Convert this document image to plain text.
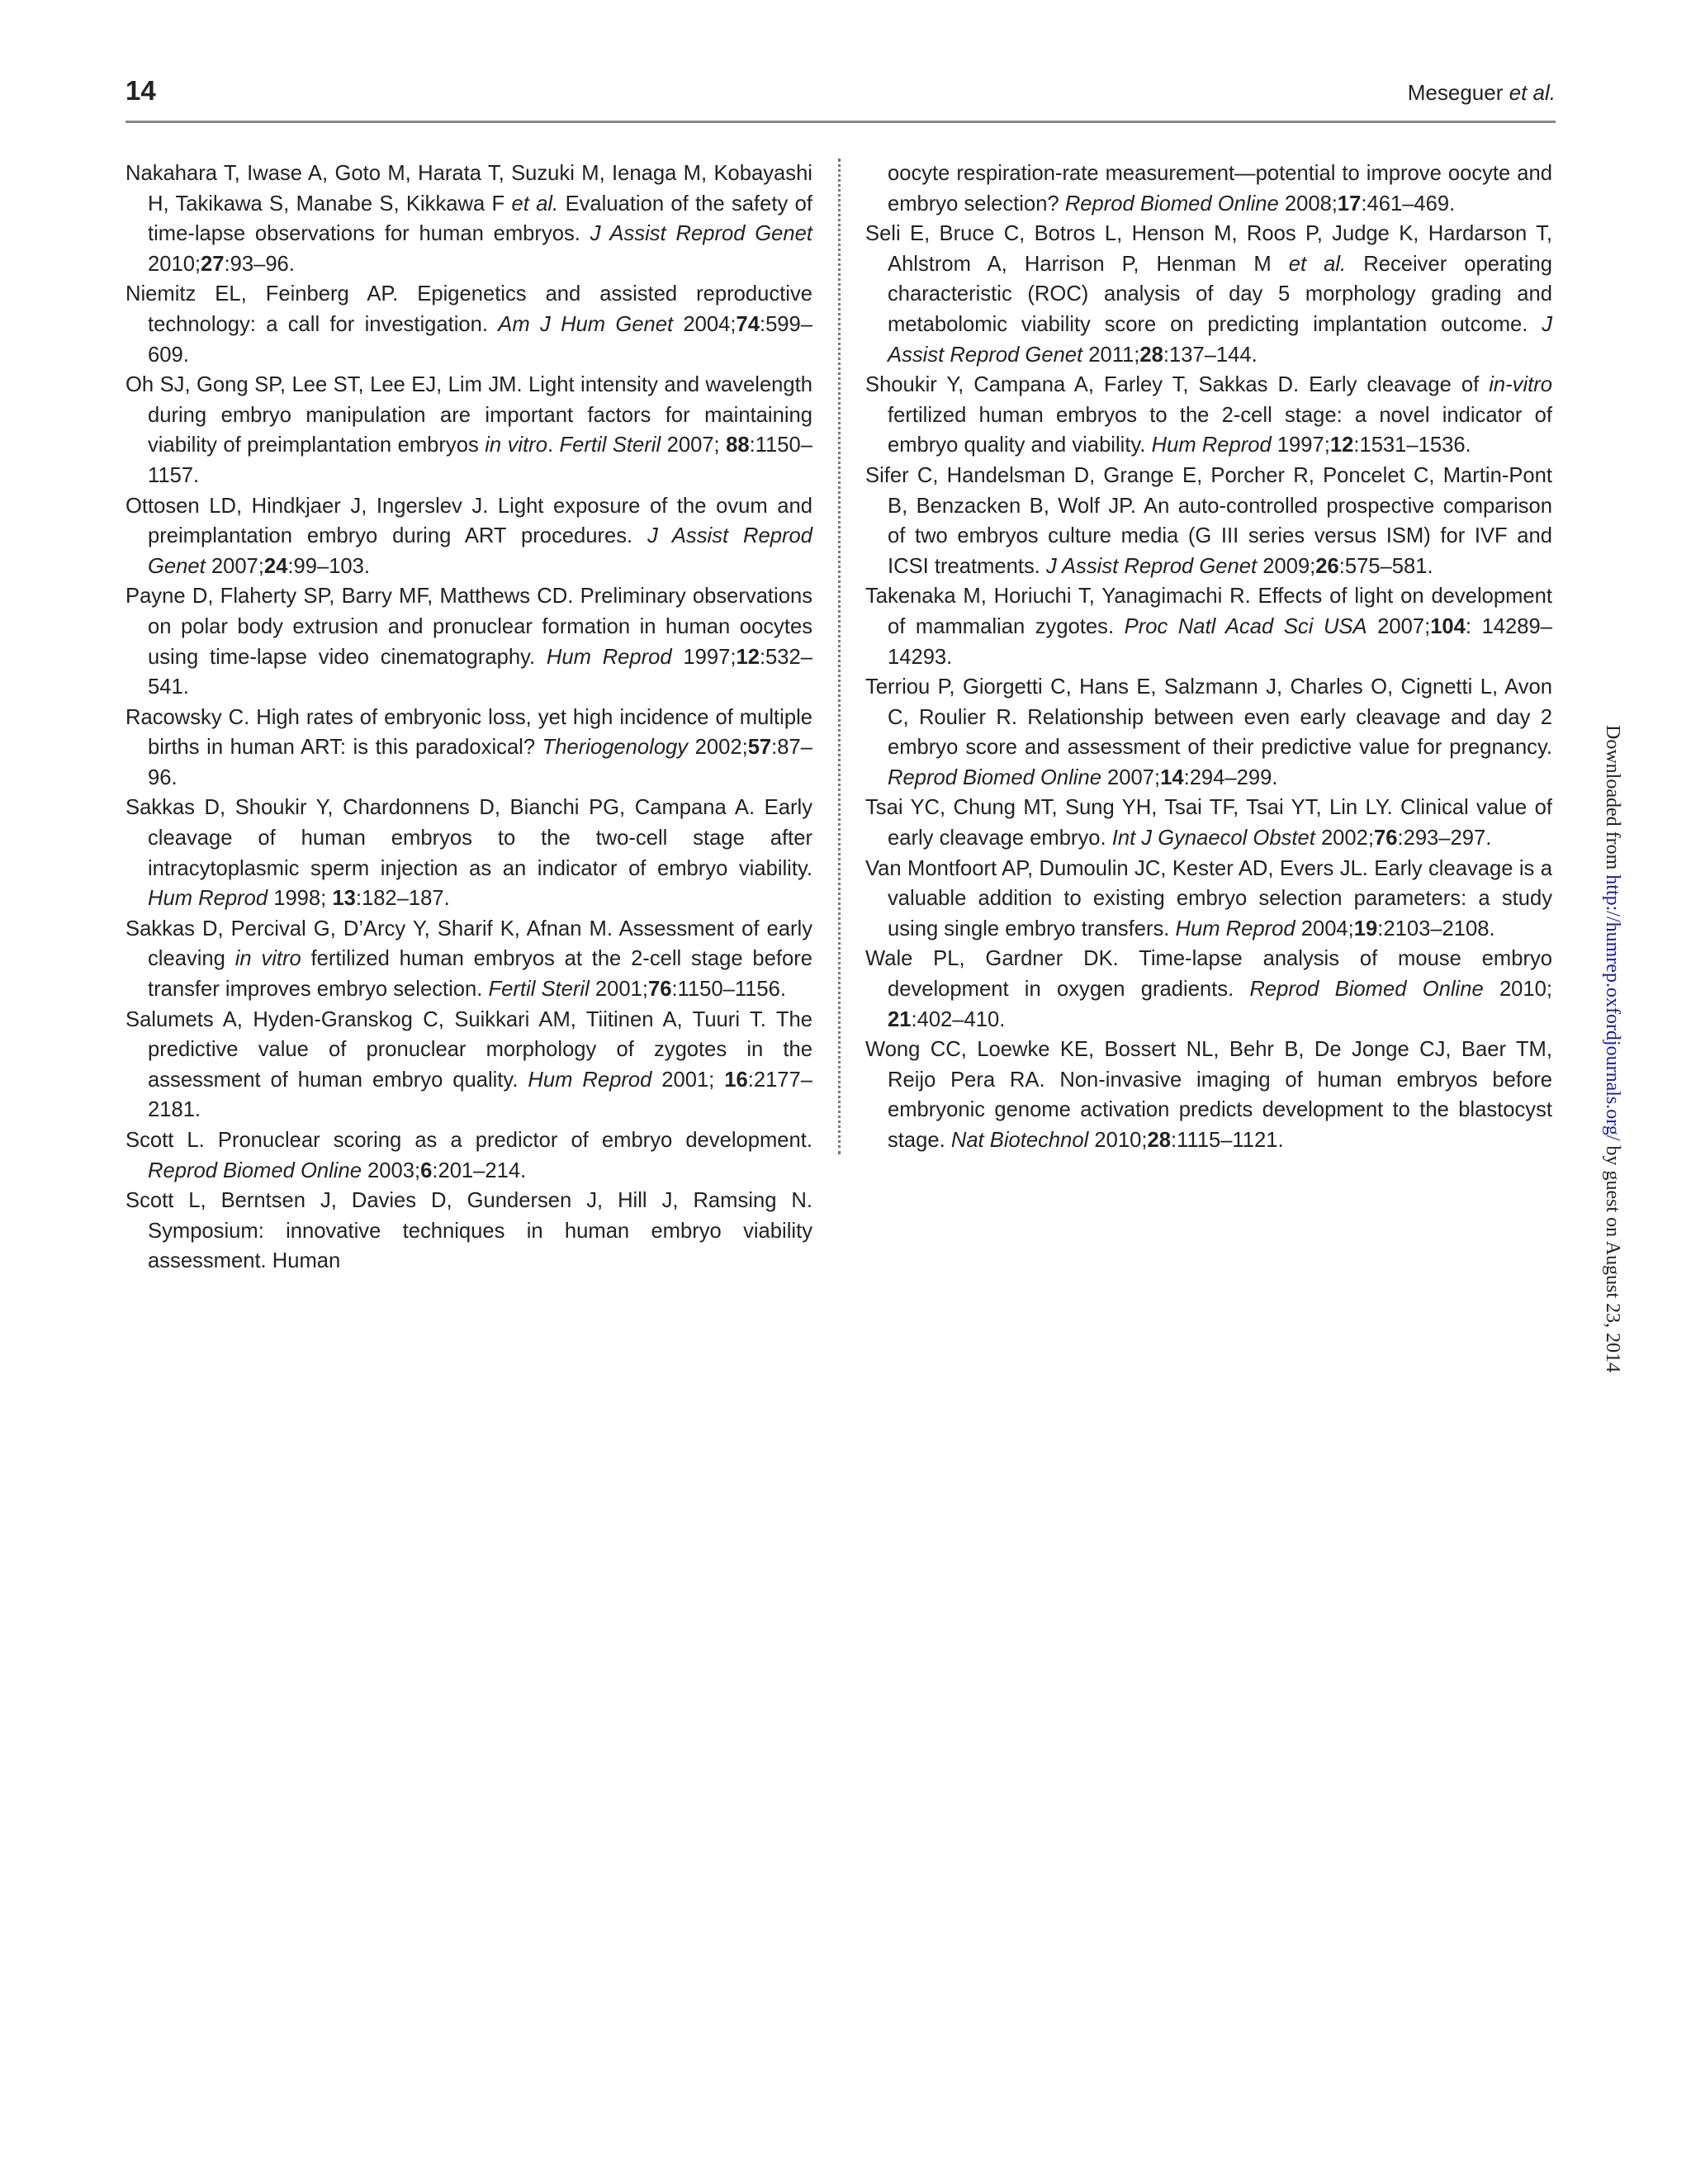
14	Meseguer et al.

Nakahara T, Iwase A, Goto M, Harata T, Suzuki M, Ienaga M, Kobayashi H, Takikawa S, Manabe S, Kikkawa F et al. Evaluation of the safety of time-lapse observations for human embryos. J Assist Reprod Genet 2010;27:93–96.

Niemitz EL, Feinberg AP. Epigenetics and assisted reproductive technology: a call for investigation. Am J Hum Genet 2004;74:599–609.

Oh SJ, Gong SP, Lee ST, Lee EJ, Lim JM. Light intensity and wavelength during embryo manipulation are important factors for maintaining viability of preimplantation embryos in vitro. Fertil Steril 2007; 88:1150–1157.

Ottosen LD, Hindkjaer J, Ingerslev J. Light exposure of the ovum and preimplantation embryo during ART procedures. J Assist Reprod Genet 2007;24:99–103.

Payne D, Flaherty SP, Barry MF, Matthews CD. Preliminary observations on polar body extrusion and pronuclear formation in human oocytes using time-lapse video cinematography. Hum Reprod 1997;12:532–541.

Racowsky C. High rates of embryonic loss, yet high incidence of multiple births in human ART: is this paradoxical? Theriogenology 2002;57:87–96.

Sakkas D, Shoukir Y, Chardonnens D, Bianchi PG, Campana A. Early cleavage of human embryos to the two-cell stage after intracytoplasmic sperm injection as an indicator of embryo viability. Hum Reprod 1998; 13:182–187.

Sakkas D, Percival G, D’Arcy Y, Sharif K, Afnan M. Assessment of early cleaving in vitro fertilized human embryos at the 2-cell stage before transfer improves embryo selection. Fertil Steril 2001;76:1150–1156.

Salumets A, Hyden-Granskog C, Suikkari AM, Tiitinen A, Tuuri T. The predictive value of pronuclear morphology of zygotes in the assessment of human embryo quality. Hum Reprod 2001; 16:2177–2181.

Scott L. Pronuclear scoring as a predictor of embryo development. Reprod Biomed Online 2003;6:201–214.

Scott L, Berntsen J, Davies D, Gundersen J, Hill J, Ramsing N. Symposium: innovative techniques in human embryo viability assessment. Human

oocyte respiration-rate measurement—potential to improve oocyte and embryo selection? Reprod Biomed Online 2008;17:461–469.

Seli E, Bruce C, Botros L, Henson M, Roos P, Judge K, Hardarson T, Ahlstrom A, Harrison P, Henman M et al. Receiver operating characteristic (ROC) analysis of day 5 morphology grading and metabolomic viability score on predicting implantation outcome. J Assist Reprod Genet 2011;28:137–144.

Shoukir Y, Campana A, Farley T, Sakkas D. Early cleavage of in-vitro fertilized human embryos to the 2-cell stage: a novel indicator of embryo quality and viability. Hum Reprod 1997;12:1531–1536.

Sifer C, Handelsman D, Grange E, Porcher R, Poncelet C, Martin-Pont B, Benzacken B, Wolf JP. An auto-controlled prospective comparison of two embryos culture media (G III series versus ISM) for IVF and ICSI treatments. J Assist Reprod Genet 2009;26:575–581.

Takenaka M, Horiuchi T, Yanagimachi R. Effects of light on development of mammalian zygotes. Proc Natl Acad Sci USA 2007;104: 14289–14293.

Terriou P, Giorgetti C, Hans E, Salzmann J, Charles O, Cignetti L, Avon C, Roulier R. Relationship between even early cleavage and day 2 embryo score and assessment of their predictive value for pregnancy. Reprod Biomed Online 2007;14:294–299.

Tsai YC, Chung MT, Sung YH, Tsai TF, Tsai YT, Lin LY. Clinical value of early cleavage embryo. Int J Gynaecol Obstet 2002;76:293–297.

Van Montfoort AP, Dumoulin JC, Kester AD, Evers JL. Early cleavage is a valuable addition to existing embryo selection parameters: a study using single embryo transfers. Hum Reprod 2004;19:2103–2108.

Wale PL, Gardner DK. Time-lapse analysis of mouse embryo development in oxygen gradients. Reprod Biomed Online 2010; 21:402–410.

Wong CC, Loewke KE, Bossert NL, Behr B, De Jonge CJ, Baer TM, Reijo Pera RA. Non-invasive imaging of human embryos before embryonic genome activation predicts development to the blastocyst stage. Nat Biotechnol 2010;28:1115–1121.

Downloaded from http://humrep.oxfordjournals.org/ by guest on August 23, 2014
